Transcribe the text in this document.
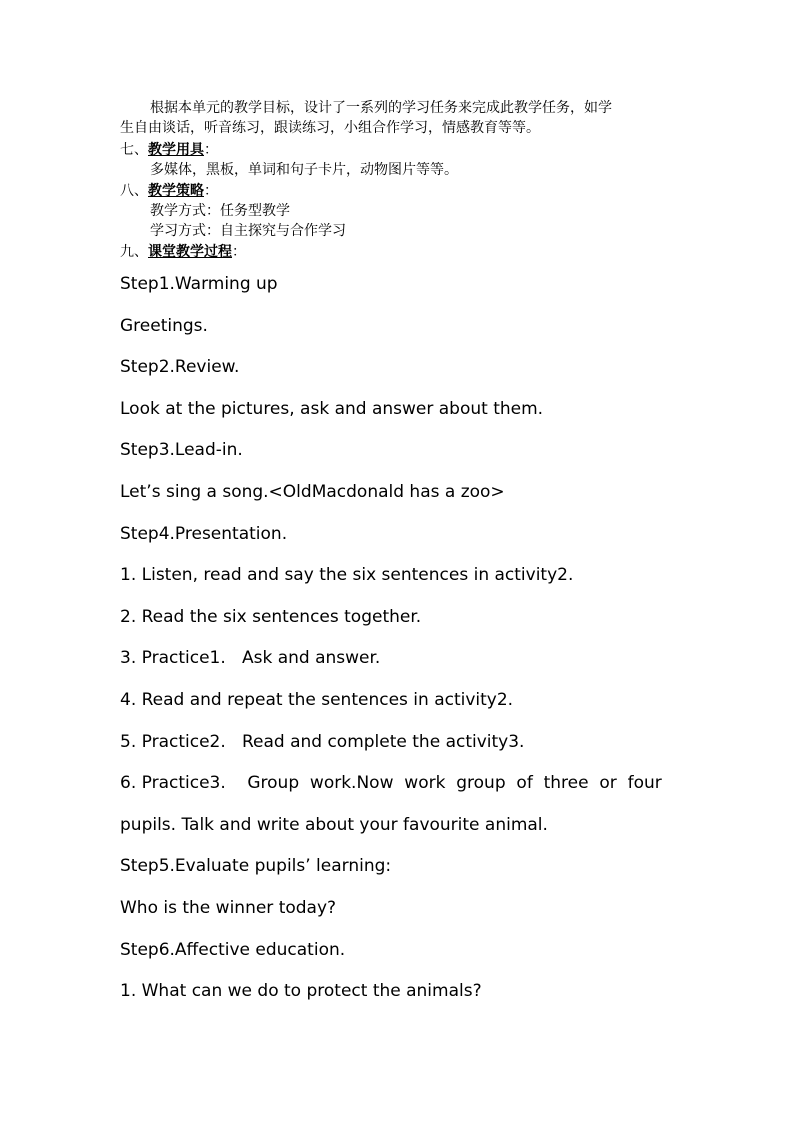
根据本单元的教学目标，设计了一系列的学习任务来完成此教学任务，如学
生自由谈话，听音练习，跟读练习，小组合作学习，情感教育等等。
七、教学用具：
多媒体，黑板，单词和句子卡片，动物图片等等。
八、教学策略：
教学方式：任务型教学
学习方式：自主探究与合作学习
九、课堂教学过程：
Step1.Warming up
Greetings.
Step2.Review.
Look at the pictures, ask and answer about them.
Step3.Lead-in.
Let’s sing a song.<OldMacdonald has a zoo>
Step4.Presentation.
1. Listen, read and say the six sentences in activity2.
2. Read the six sentences together.
3. Practice1.   Ask and answer.
4. Read and repeat the sentences in activity2.
5. Practice2.   Read and complete the activity3.
6. Practice3.    Group  work.Now  work  group  of  three  or  four
pupils. Talk and write about your favourite animal.
Step5.Evaluate pupils’ learning:
Who is the winner today?
Step6.Affective education.
1. What can we do to protect the animals?
